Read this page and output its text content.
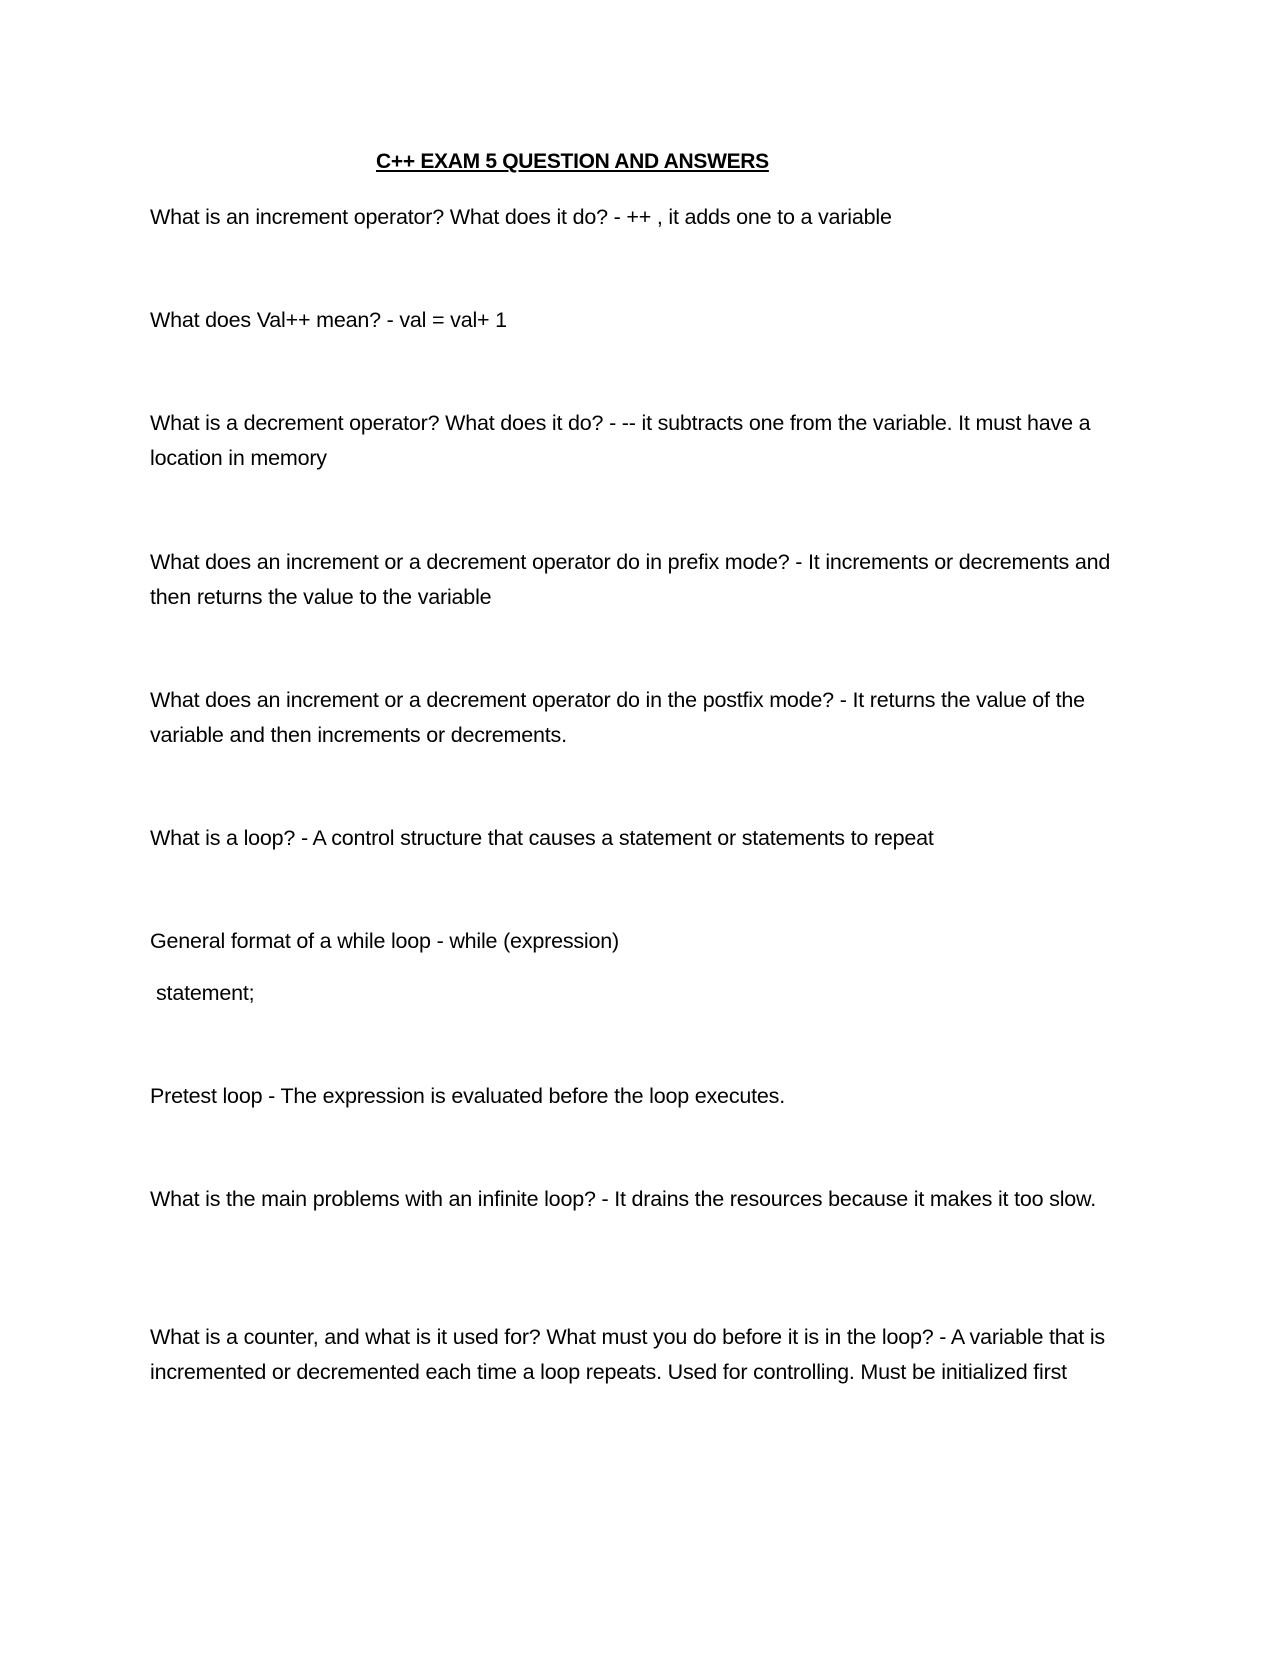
C++ EXAM 5 QUESTION AND ANSWERS
What is an increment operator? What does it do? - ++ , it adds one to a variable
What does Val++ mean? - val = val+ 1
What is a decrement operator? What does it do? - -- it subtracts one from the variable. It must have a location in memory
What does an increment or a decrement operator do in prefix mode? - It increments or decrements and then returns the value to the variable
What does an increment or a decrement operator do in the postfix mode? - It returns the value of the variable and then increments or decrements.
What is a loop? - A control structure that causes a statement or statements to repeat
General format of a while loop - while (expression)
statement;
Pretest loop - The expression is evaluated before the loop executes.
What is the main problems with an infinite loop? - It drains the resources because it makes it too slow.
What is a counter, and what is it used for? What must you do before it is in the loop? - A variable that is incremented or decremented each time a loop repeats. Used for controlling. Must be initialized first
